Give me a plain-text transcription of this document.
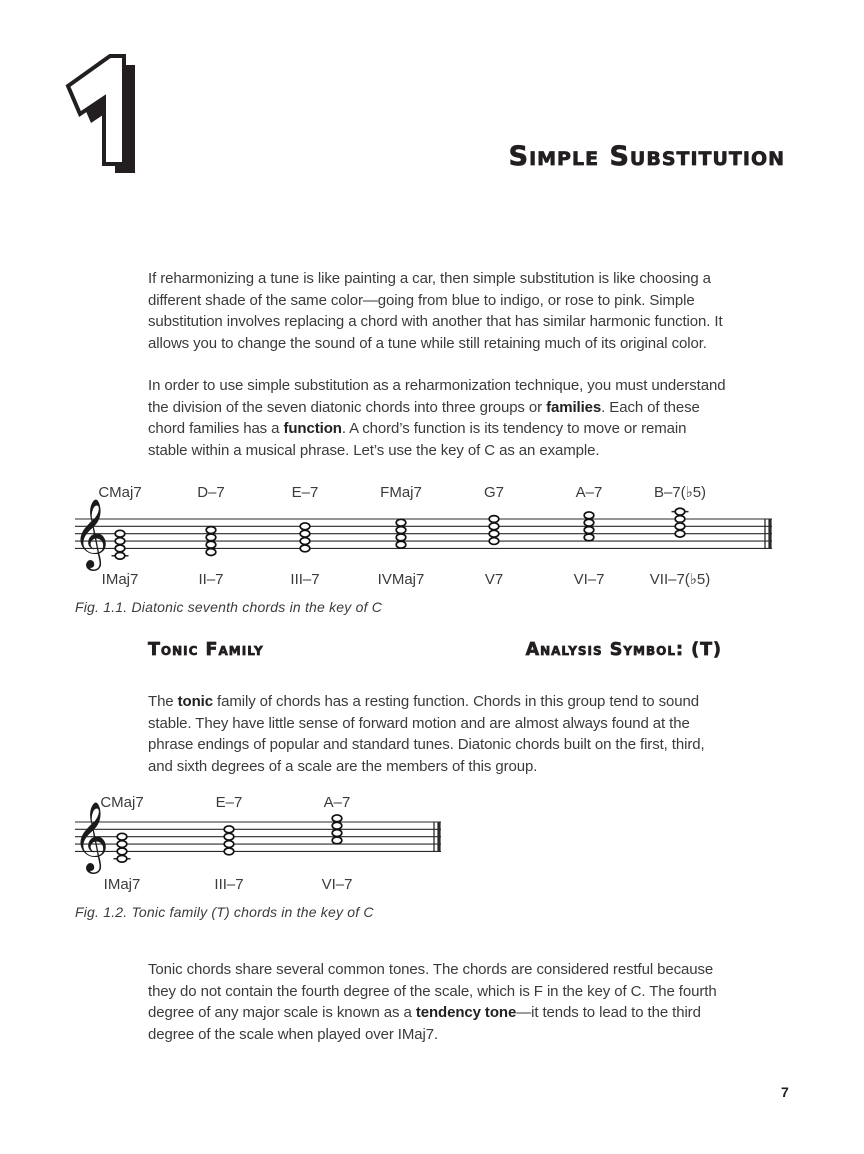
Simple Substitution
If reharmonizing a tune is like painting a car, then simple substitution is like choosing a
different shade of the same color—going from blue to indigo, or rose to pink. Simple
substitution involves replacing a chord with another that has similar harmonic function. It
allows you to change the sound of a tune while still retaining much of its original color.
In order to use simple substitution as a reharmonization technique, you must understand
the division of the seven diatonic chords into three groups or families. Each of these
chord families has a function. A chord’s function is its tendency to move or remain
stable within a musical phrase. Let’s use the key of C as an example.
𝄞
CMaj7
IMaj7
D–7
II–7
E–7
III–7
FMaj7
IVMaj7
G7
V7
A–7
VI–7
B–7(♭5)
VII–7(♭5)
Fig. 1.1. Diatonic seventh chords in the key of C
Tonic Family	Analysis Symbol: (T)
The tonic family of chords has a resting function. Chords in this group tend to sound
stable. They have little sense of forward motion and are almost always found at the
phrase endings of popular and standard tunes. Diatonic chords built on the first, third,
and sixth degrees of a scale are the members of this group.
𝄞
CMaj7
IMaj7
E–7
III–7
A–7
VI–7
Fig. 1.2. Tonic family (T) chords in the key of C
Tonic chords share several common tones. The chords are considered restful because
they do not contain the fourth degree of the scale, which is F in the key of C. The fourth
degree of any major scale is known as a tendency tone—it tends to lead to the third
degree of the scale when played over IMaj7.
7
